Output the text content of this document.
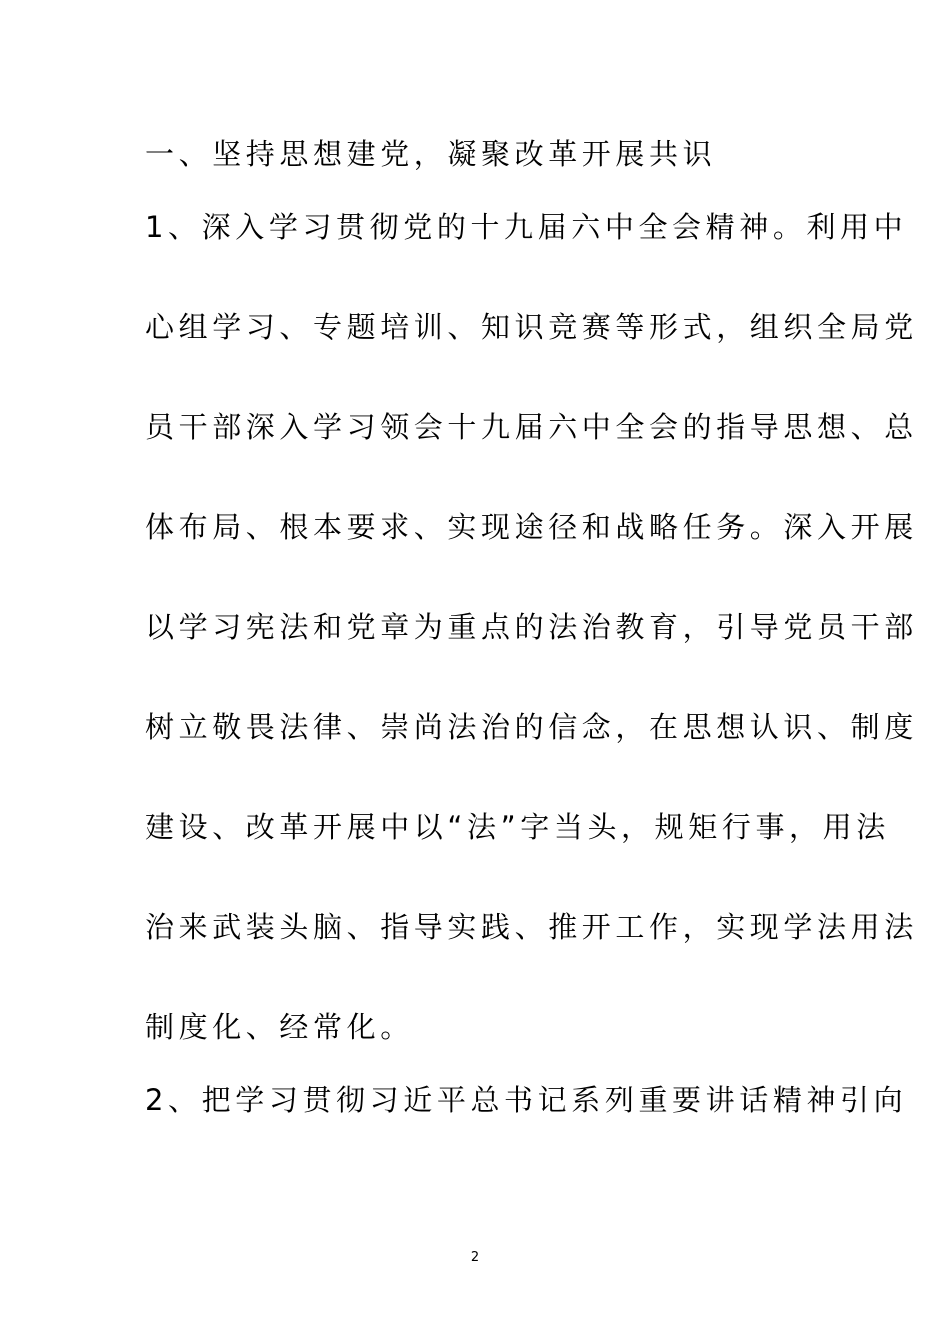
一、坚持思想建党，凝聚改革开展共识
1、深入学习贯彻党的十九届六中全会精神。利用中
心组学习、专题培训、知识竞赛等形式，组织全局党
员干部深入学习领会十九届六中全会的指导思想、总
体布局、根本要求、实现途径和战略任务。深入开展
以学习宪法和党章为重点的法治教育，引导党员干部
树立敬畏法律、崇尚法治的信念，在思想认识、制度
建设、改革开展中以“法”字当头，规矩行事，用法
治来武装头脑、指导实践、推开工作，实现学法用法
制度化、经常化。
2、把学习贯彻习近平总书记系列重要讲话精神引向
2
